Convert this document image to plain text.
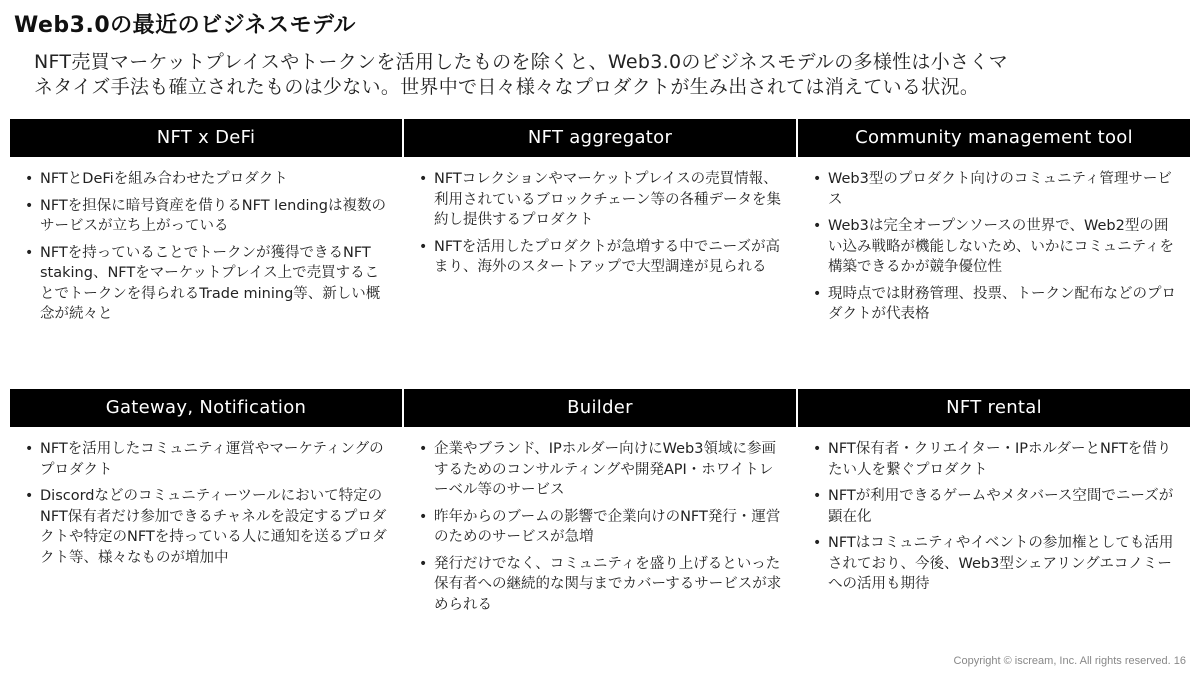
Web3.0の最近のビジネスモデル
NFT売買マーケットプレイスやトークンを活用したものを除くと、Web3.0のビジネスモデルの多様性は小さくマ
ネタイズ手法も確立されたものは少ない。世界中で日々様々なプロダクトが生み出されては消えている状況。
NFT x DeFi
• NFTとDeFiを組み合わせたプロダクト
• NFTを担保に暗号資産を借りるNFT lendingは複数のサービスが立ち上がっている
• NFTを持っていることでトークンが獲得できるNFT staking、NFTをマーケットプレイス上で売買することでトークンを得られるTrade mining等、新しい概念が続々と
NFT aggregator
• NFTコレクションやマーケットプレイスの売買情報、利用されているブロックチェーン等の各種データを集約し提供するプロダクト
• NFTを活用したプロダクトが急増する中でニーズが高まり、海外のスタートアップで大型調達が見られる
Community management tool
• Web3型のプロダクト向けのコミュニティ管理サービス
• Web3は完全オープンソースの世界で、Web2型の囲い込み戦略が機能しないため、いかにコミュニティを構築できるかが競争優位性
• 現時点では財務管理、投票、トークン配布などのプロダクトが代表格
Gateway, Notification
• NFTを活用したコミュニティ運営やマーケティングのプロダクト
• Discordなどのコミュニティーツールにおいて特定のNFT保有者だけ参加できるチャネルを設定するプロダクトや特定のNFTを持っている人に通知を送るプロダクト等、様々なものが増加中
Builder
• 企業やブランド、IPホルダー向けにWeb3領域に参画するためのコンサルティングや開発API・ホワイトレーベル等のサービス
• 昨年からのブームの影響で企業向けのNFT発行・運営のためのサービスが急増
• 発行だけでなく、コミュニティを盛り上げるといった保有者への継続的な関与までカバーするサービスが求められる
NFT rental
• NFT保有者・クリエイター・IPホルダーとNFTを借りたい人を繋ぐプロダクト
• NFTが利用できるゲームやメタバース空間でニーズが顕在化
• NFTはコミュニティやイベントの参加権としても活用されており、今後、Web3型シェアリングエコノミーへの活用も期待
Copyright © iscream, Inc. All rights reserved. 16
